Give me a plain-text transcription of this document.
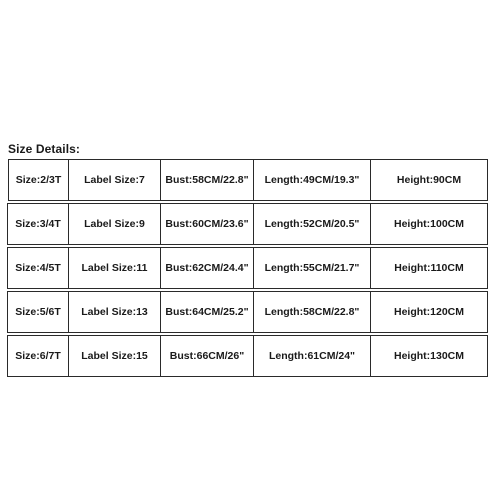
Size Details:
Size:2/3T	Label Size:7	Bust:58CM/22.8"	Length:49CM/19.3"	Height:90CM
Size:3/4T	Label Size:9	Bust:60CM/23.6"	Length:52CM/20.5"	Height:100CM
Size:4/5T	Label Size:11	Bust:62CM/24.4"	Length:55CM/21.7"	Height:110CM
Size:5/6T	Label Size:13	Bust:64CM/25.2"	Length:58CM/22.8"	Height:120CM
Size:6/7T	Label Size:15	Bust:66CM/26"	Length:61CM/24"	Height:130CM
